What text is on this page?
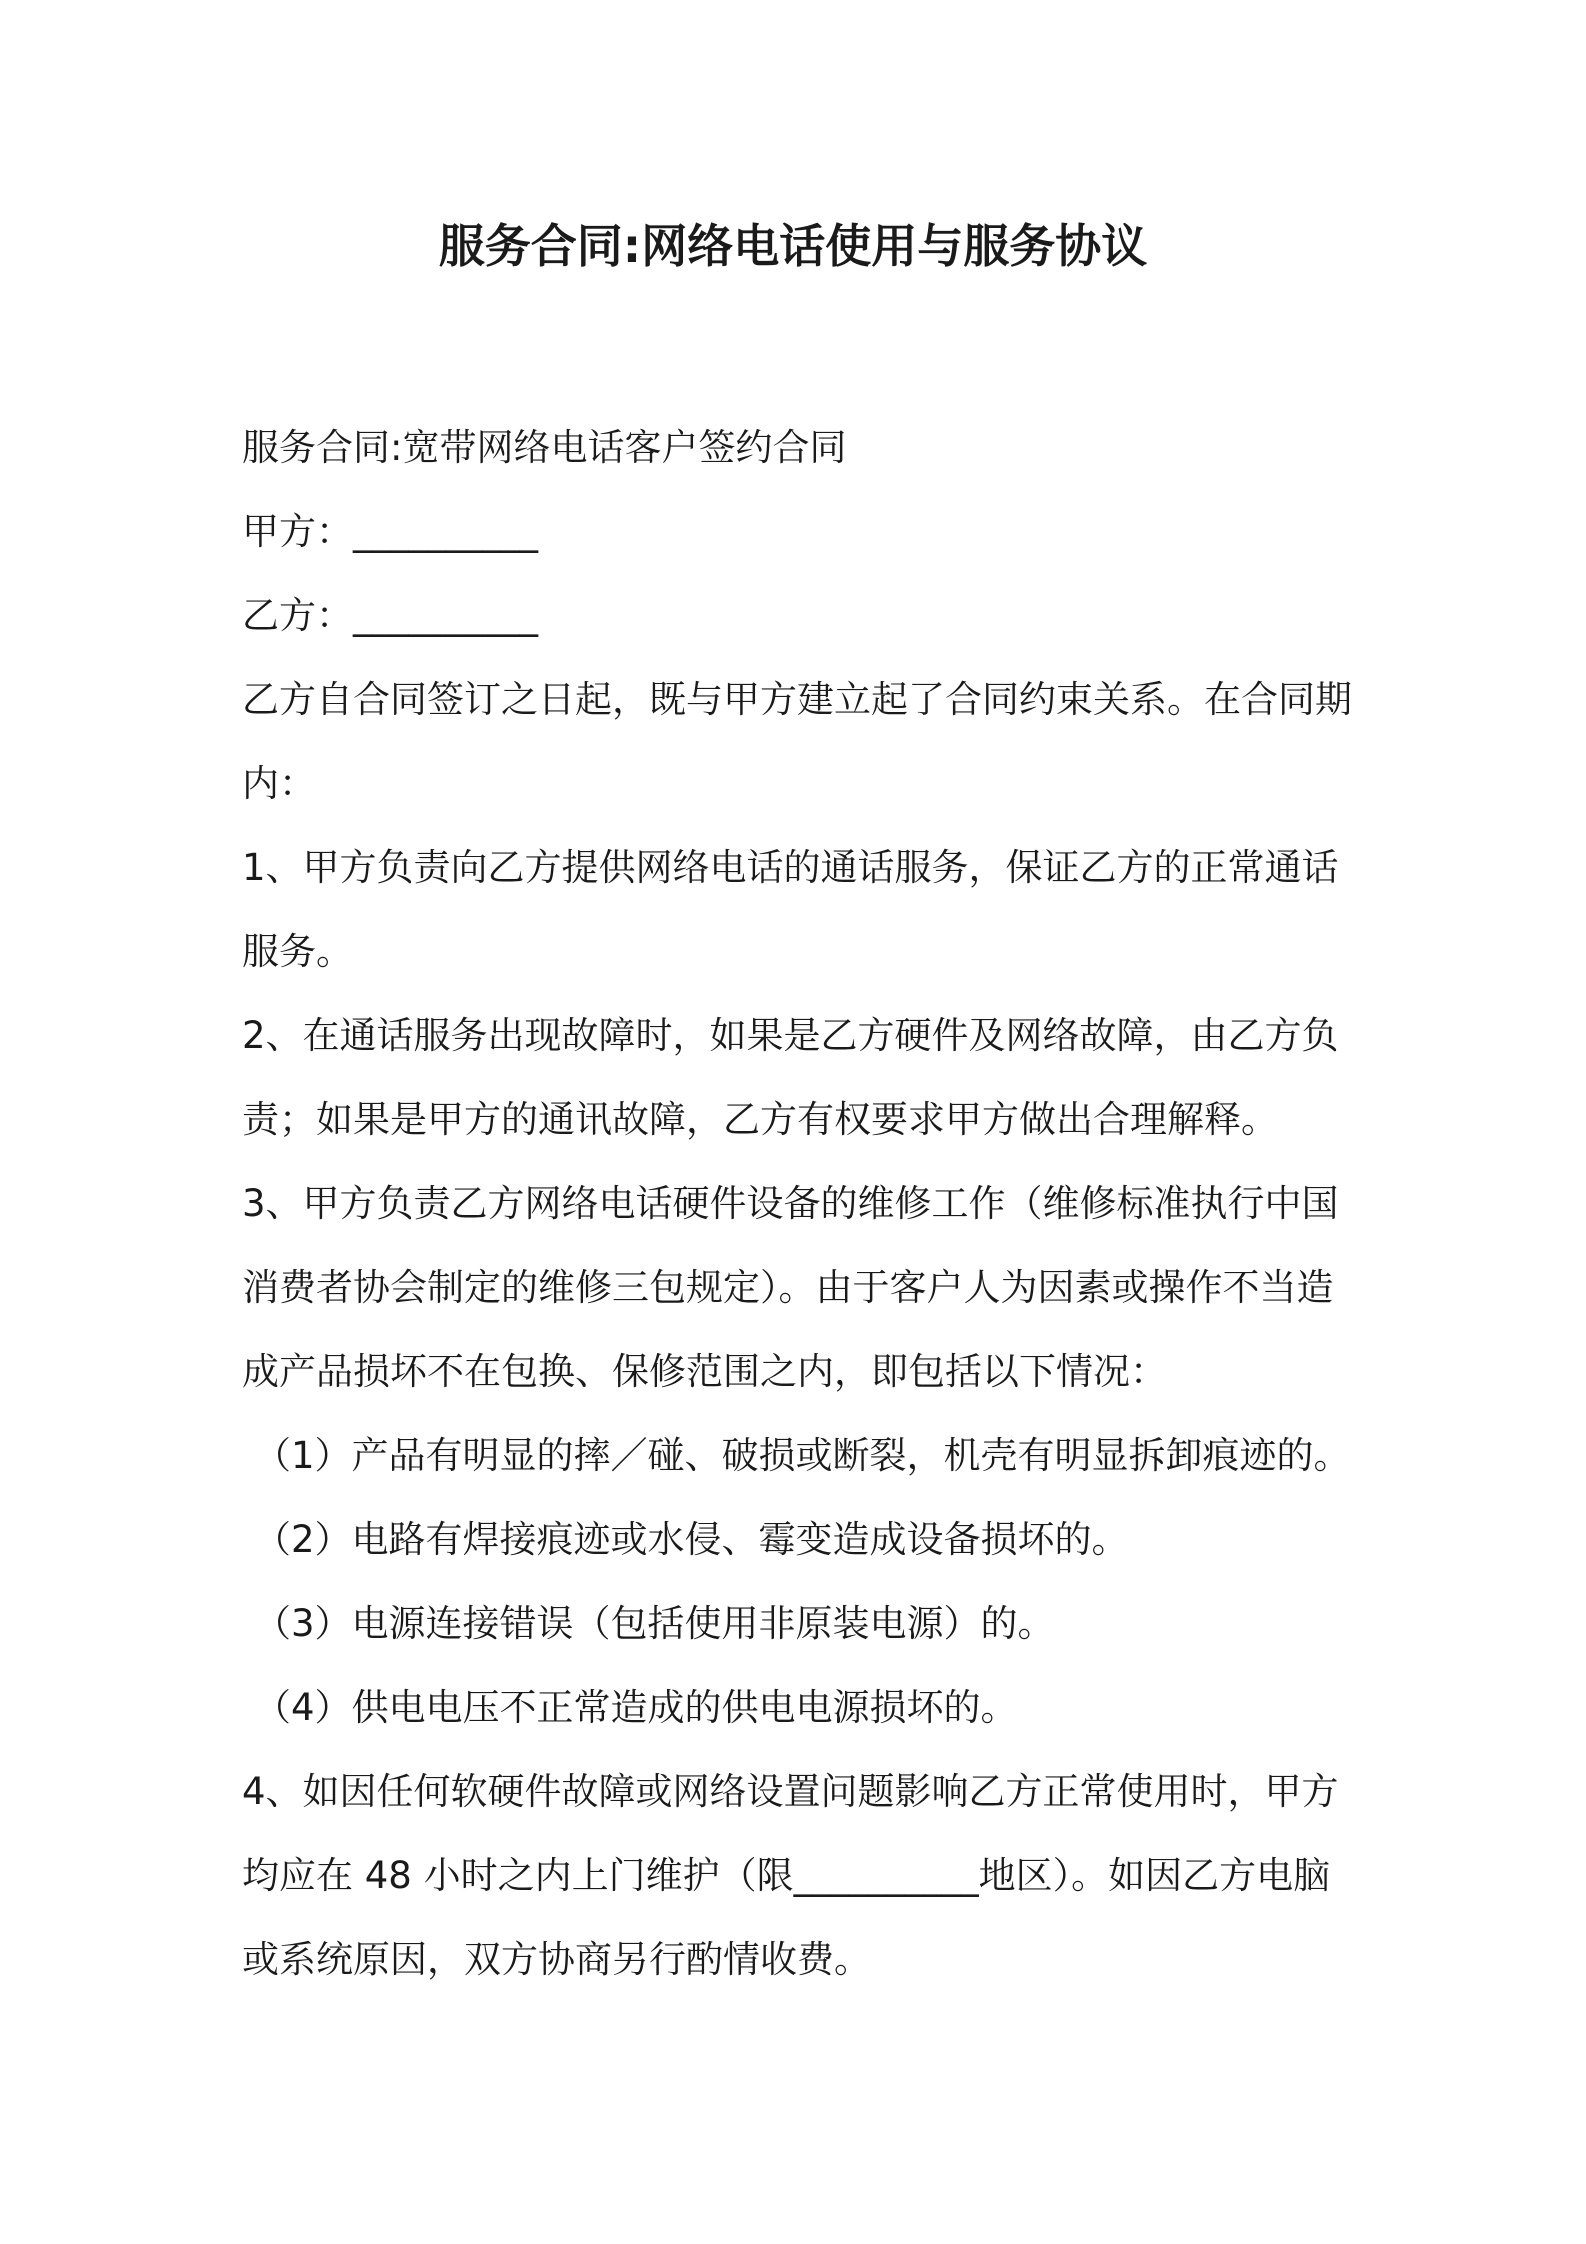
服务合同:网络电话使用与服务协议

服务合同:宽带网络电话客户签约合同

甲方：__________

乙方：__________

乙方自合同签订之日起，既与甲方建立起了合同约束关系。在合同期内：

1、甲方负责向乙方提供网络电话的通话服务，保证乙方的正常通话服务。

2、在通话服务出现故障时，如果是乙方硬件及网络故障，由乙方负责；如果是甲方的通讯故障，乙方有权要求甲方做出合理解释。

3、甲方负责乙方网络电话硬件设备的维修工作（维修标准执行中国消费者协会制定的维修三包规定）。由于客户人为因素或操作不当造成产品损坏不在包换、保修范围之内，即包括以下情况：

（1）产品有明显的摔／碰、破损或断裂，机壳有明显拆卸痕迹的。

（2）电路有焊接痕迹或水侵、霉变造成设备损坏的。

（3）电源连接错误（包括使用非原装电源）的。

（4）供电电压不正常造成的供电电源损坏的。

4、如因任何软硬件故障或网络设置问题影响乙方正常使用时，甲方均应在 48 小时之内上门维护（限__________地区）。如因乙方电脑或系统原因，双方协商另行酌情收费。
